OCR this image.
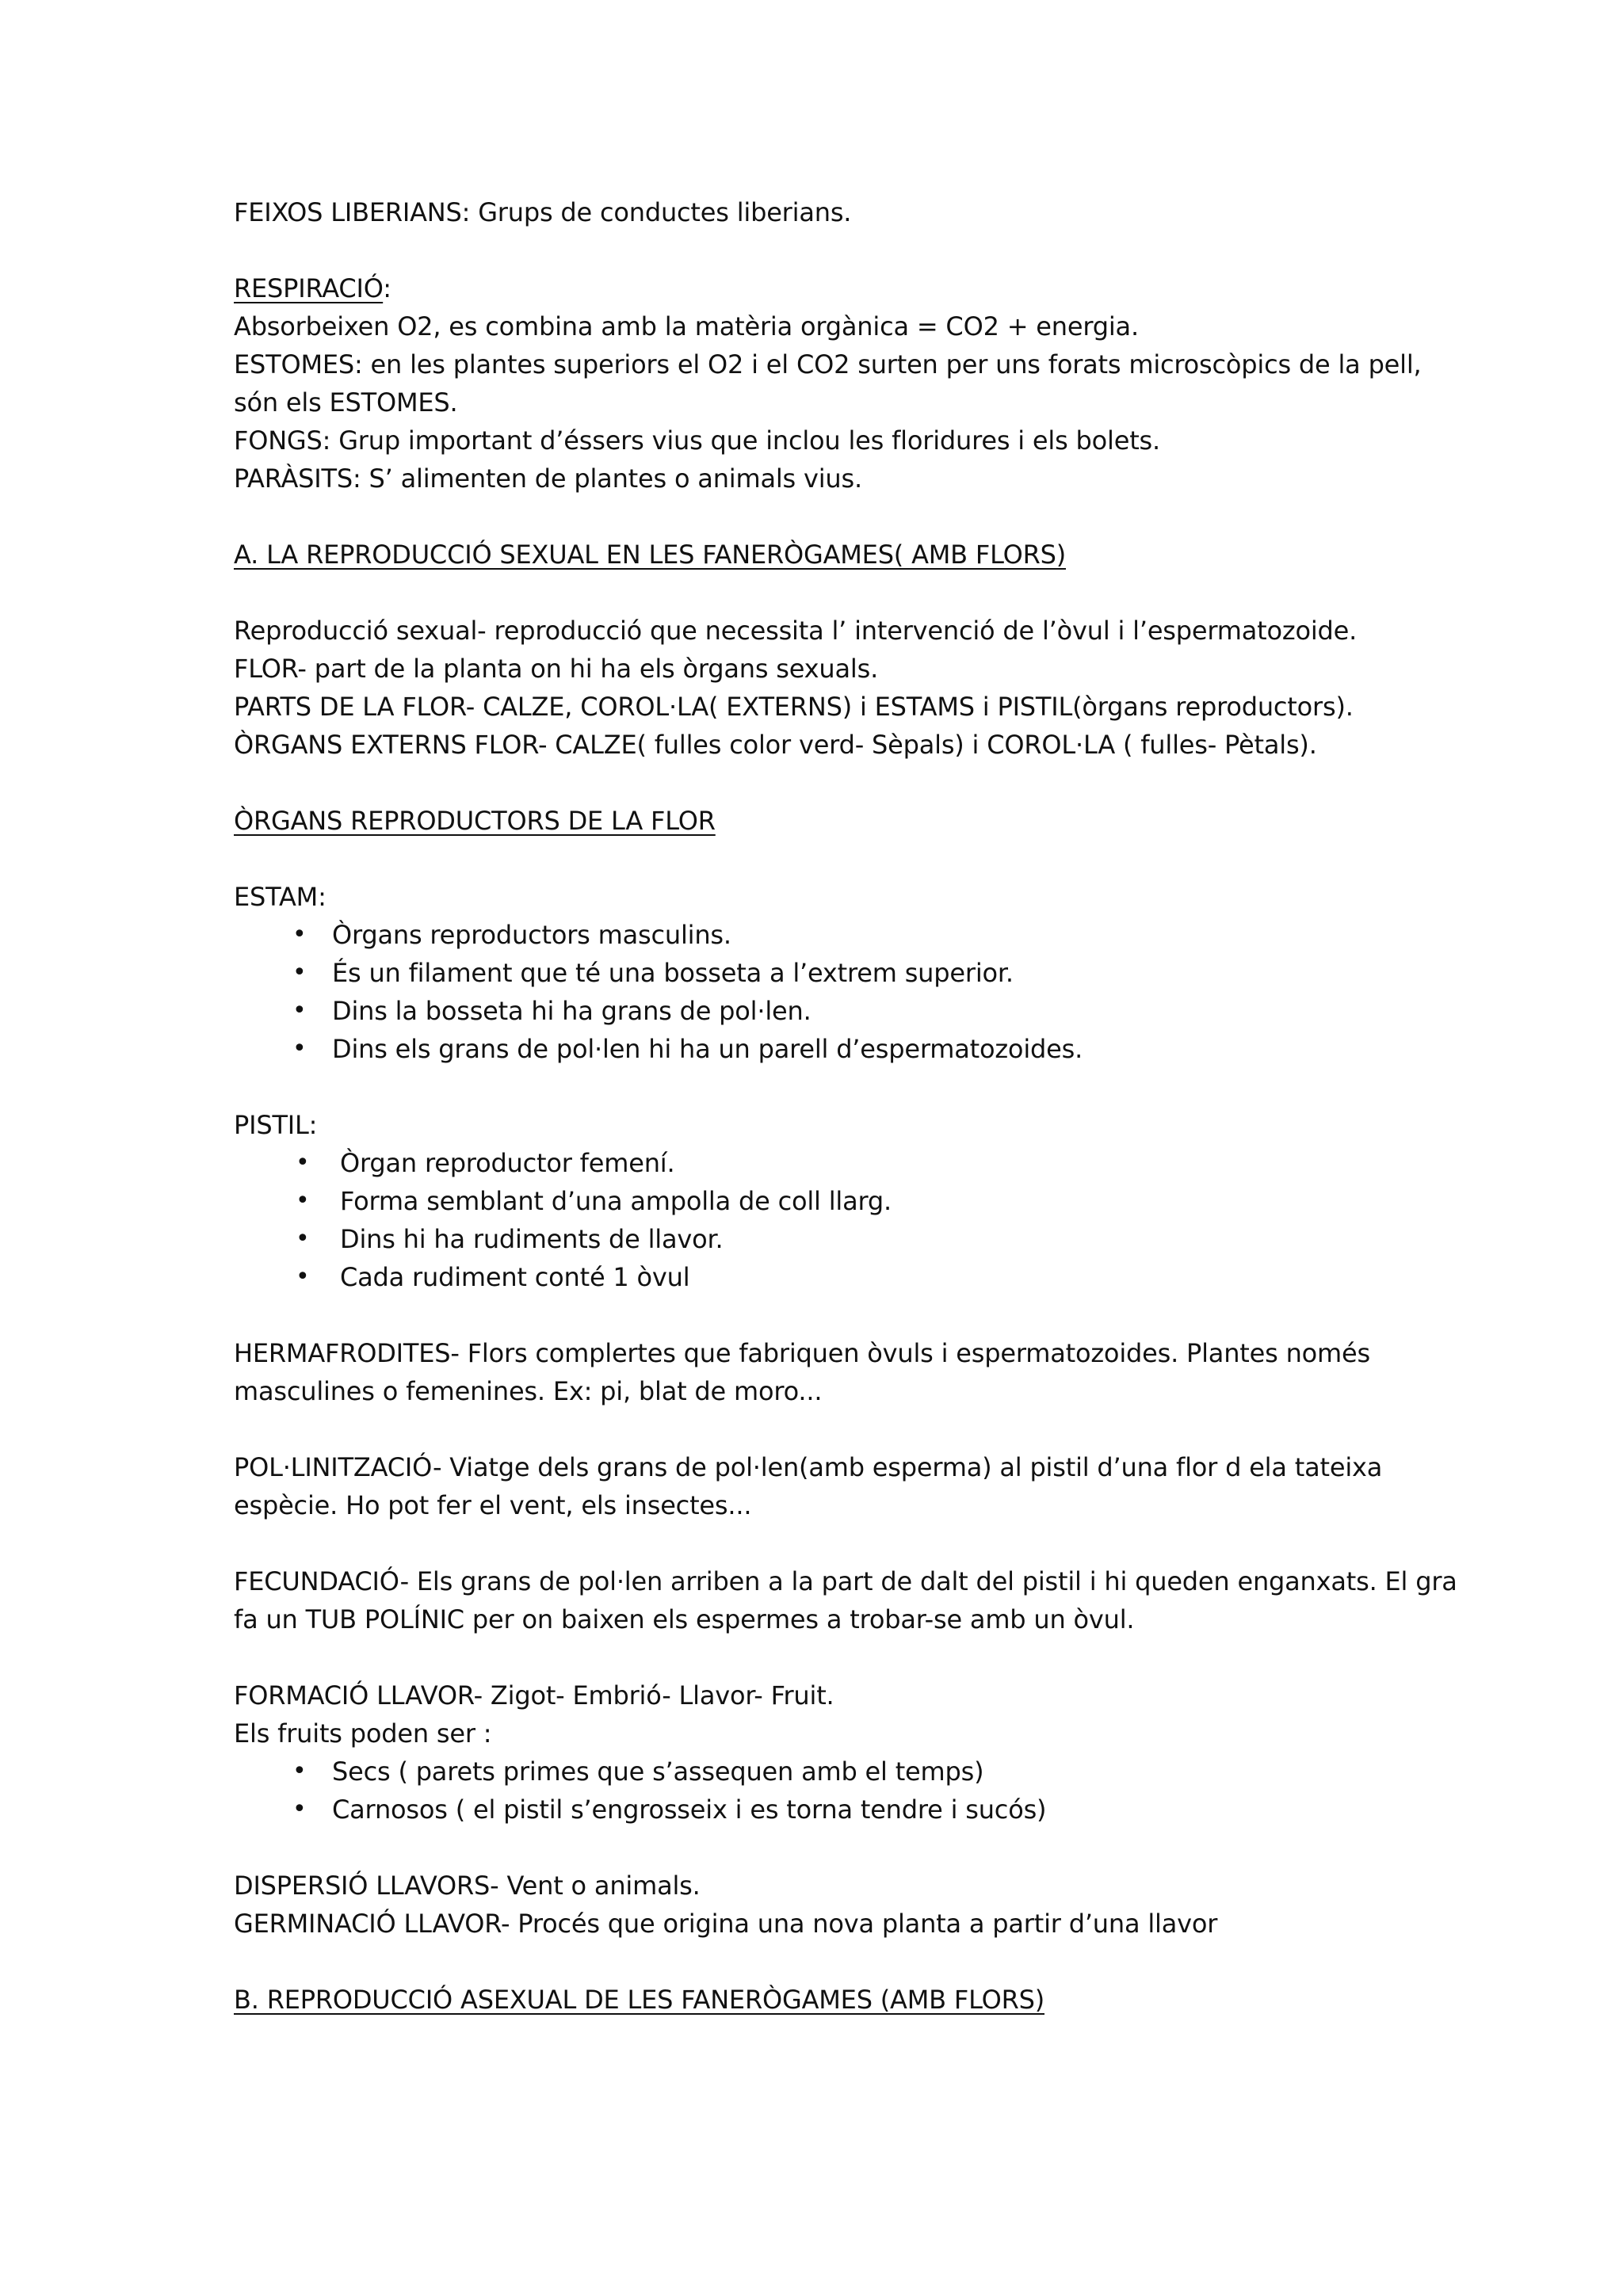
FEIXOS LIBERIANS: Grups de conductes liberians.

RESPIRACIÓ:

Absorbeixen O2, es combina amb la matèria orgànica = CO2 + energia.

ESTOMES: en les plantes superiors el O2 i el CO2 surten per uns forats microscòpics de la pell,

són els ESTOMES.

FONGS: Grup important d’éssers vius que inclou les floridures i els bolets.

PARÀSITS: S’ alimenten de plantes o animals vius.

A. LA REPRODUCCIÓ SEXUAL EN LES FANERÒGAMES( AMB FLORS)

Reproducció sexual- reproducció que necessita l’ intervenció de l’òvul i l’espermatozoide.

FLOR- part de la planta on hi ha els òrgans sexuals.

PARTS DE LA FLOR- CALZE, COROL·LA( EXTERNS) i ESTAMS i PISTIL(òrgans reproductors).

ÒRGANS EXTERNS FLOR- CALZE( fulles color verd- Sèpals) i COROL·LA ( fulles- Pètals).

ÒRGANS REPRODUCTORS DE LA FLOR

ESTAM:

• Òrgans reproductors masculins.
• És un filament que té una bosseta a l’extrem superior.
• Dins la bosseta hi ha grans de pol·len.
• Dins els grans de pol·len hi ha un parell d’espermatozoides.

PISTIL:

• Òrgan reproductor femení.
• Forma semblant d’una ampolla de coll llarg.
• Dins hi ha rudiments de llavor.
• Cada rudiment conté 1 òvul

HERMAFRODITES- Flors complertes que fabriquen òvuls i espermatozoides. Plantes només

masculines o femenines. Ex: pi, blat de moro...

POL·LINITZACIÓ- Viatge dels grans de pol·len(amb esperma) al pistil d’una flor d ela tateixa

espècie. Ho pot fer el vent, els insectes...

FECUNDACIÓ- Els grans de pol·len arriben a la part de dalt del pistil i hi queden enganxats. El gra

fa un TUB POLÍNIC per on baixen els espermes a trobar-se amb un òvul.

FORMACIÓ LLAVOR- Zigot- Embrió- Llavor- Fruit.

Els fruits poden ser :

• Secs ( parets primes que s’assequen amb el temps)
• Carnosos ( el pistil s’engrosseix i es torna tendre i sucós)

DISPERSIÓ LLAVORS- Vent o animals.

GERMINACIÓ LLAVOR- Procés que origina una nova planta a partir d’una llavor

B. REPRODUCCIÓ ASEXUAL DE LES FANERÒGAMES (AMB FLORS)
